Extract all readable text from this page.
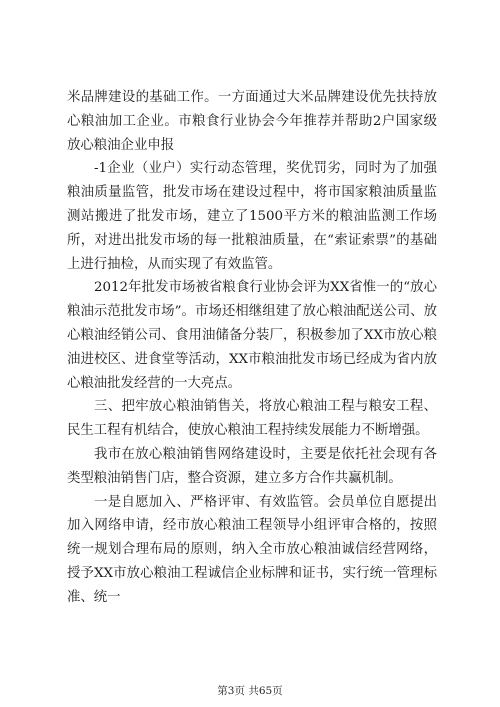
米品牌建设的基础工作。一方面通过大米品牌建设优先扶持放心粮油加工企业。市粮食行业协会今年推荐并帮助2户国家级放心粮油企业申报

-1企业（业户）实行动态管理，奖优罚劣，同时为了加强粮油质量监管，批发市场在建设过程中，将市国家粮油质量监测站搬进了批发市场，建立了1500平方米的粮油监测工作场所，对进出批发市场的每一批粮油质量，在“索证索票”的基础上进行抽检，从而实现了有效监管。

2012年批发市场被省粮食行业协会评为XX省惟一的“放心粮油示范批发市场”。市场还相继组建了放心粮油配送公司、放心粮油经销公司、食用油储备分装厂，积极参加了XX市放心粮油进校区、进食堂等活动，XX市粮油批发市场已经成为省内放心粮油批发经营的一大亮点。

三、把牢放心粮油销售关，将放心粮油工程与粮安工程、民生工程有机结合，使放心粮油工程持续发展能力不断增强。

我市在放心粮油销售网络建设时，主要是依托社会现有各类型粮油销售门店，整合资源，建立多方合作共赢机制。

一是自愿加入、严格评审、有效监管。会员单位自愿提出加入网络申请，经市放心粮油工程领导小组评审合格的，按照统一规划合理布局的原则，纳入全市放心粮油诚信经营网络，授予XX市放心粮油工程诚信企业标牌和证书，实行统一管理标准、统一

第3页 共65页
